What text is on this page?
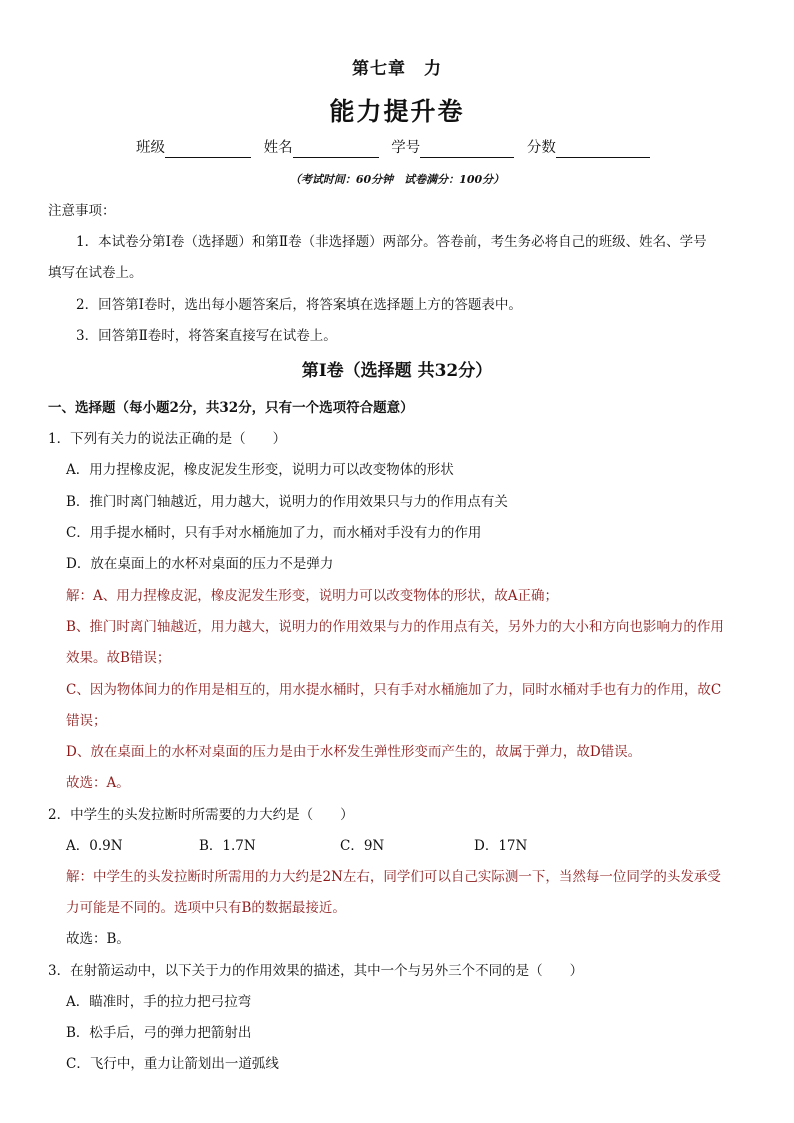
第七章　力
能力提升卷
班级	姓名	学号	分数
（考试时间：60分钟　试卷满分：100分）
注意事项：
1．本试卷分第Ⅰ卷（选择题）和第Ⅱ卷（非选择题）两部分。答卷前，考生务必将自己的班级、姓名、学号
填写在试卷上。
2．回答第Ⅰ卷时，选出每小题答案后，将答案填在选择题上方的答题表中。
3．回答第Ⅱ卷时，将答案直接写在试卷上。
第Ⅰ卷（选择题 共32分）
一、选择题（每小题2分，共32分，只有一个选项符合题意）
1．下列有关力的说法正确的是（　　）
A．用力捏橡皮泥，橡皮泥发生形变，说明力可以改变物体的形状
B．推门时离门轴越近，用力越大，说明力的作用效果只与力的作用点有关
C．用手提水桶时，只有手对水桶施加了力，而水桶对手没有力的作用
D．放在桌面上的水杯对桌面的压力不是弹力
解：A、用力捏橡皮泥，橡皮泥发生形变，说明力可以改变物体的形状，故A正确；
B、推门时离门轴越近，用力越大，说明力的作用效果与力的作用点有关，另外力的大小和方向也影响力的作用
效果。故B错误；
C、因为物体间力的作用是相互的，用水提水桶时，只有手对水桶施加了力，同时水桶对手也有力的作用，故C
错误；
D、放在桌面上的水杯对桌面的压力是由于水杯发生弹性形变而产生的，故属于弹力，故D错误。
故选：A。
2．中学生的头发拉断时所需要的力大约是（　　）
A．0.9N	B．1.7N	C．9N	D．17N
解：中学生的头发拉断时所需用的力大约是2N左右，同学们可以自己实际测一下，当然每一位同学的头发承受
力可能是不同的。选项中只有B的数据最接近。
故选：B。
3．在射箭运动中，以下关于力的作用效果的描述，其中一个与另外三个不同的是（　　）
A．瞄准时，手的拉力把弓拉弯
B．松手后，弓的弹力把箭射出
C．飞行中，重力让箭划出一道弧线
